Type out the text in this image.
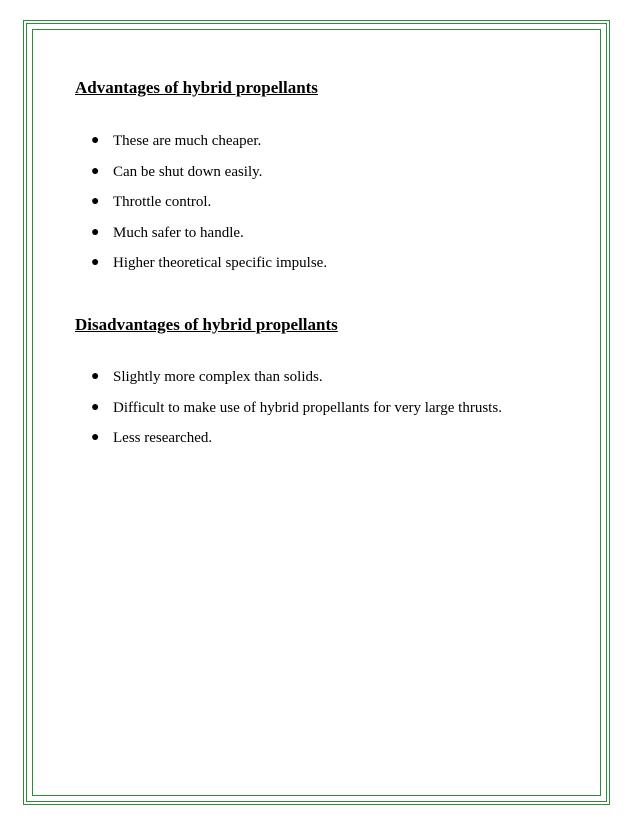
Advantages of hybrid propellants
● These are much cheaper.
● Can be shut down easily.
● Throttle control.
● Much safer to handle.
● Higher theoretical specific impulse.
Disadvantages of hybrid propellants
● Slightly more complex than solids.
● Difficult to make use of hybrid propellants for very large thrusts.
● Less researched.
